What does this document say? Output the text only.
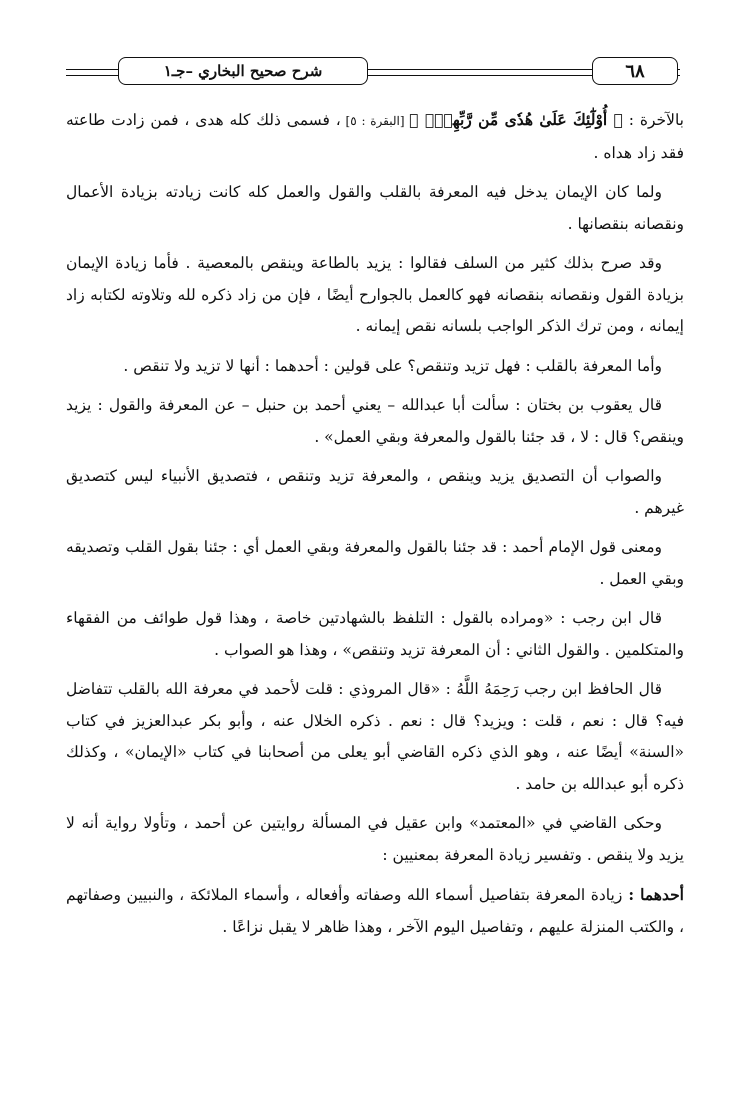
٦٨
شرح صحيح البخاري –جـ١

بالآخرة : ﴿ أُوْلَٰٓئِكَ عَلَىٰ هُدٗى مِّن رَّبِّهِمۡۖ ﴾ [البقرة : ٥] ، فسمى ذلك كله هدى ، فمن زادت طاعته فقد زاد هداه .

ولما كان الإيمان يدخل فيه المعرفة بالقلب والقول والعمل كله كانت زيادته بزيادة الأعمال ونقصانه بنقصانها .

وقد صرح بذلك كثير من السلف فقالوا : يزيد بالطاعة وينقص بالمعصية . فأما زيادة الإيمان بزيادة القول ونقصانه بنقصانه فهو كالعمل بالجوارح أيضًا ، فإن من زاد ذكره لله وتلاوته لكتابه زاد إيمانه ، ومن ترك الذكر الواجب بلسانه نقص إيمانه .

وأما المعرفة بالقلب : فهل تزيد وتنقص؟ على قولين : أحدهما : أنها لا تزيد ولا تنقص .

قال يعقوب بن بختان : سألت أبا عبدالله – يعني أحمد بن حنبل – عن المعرفة والقول : يزيد وينقص؟ قال : لا ، قد جئنا بالقول والمعرفة وبقي العمل» .

والصواب أن التصديق يزيد وينقص ، والمعرفة تزيد وتنقص ، فتصديق الأنبياء ليس كتصديق غيرهم .

ومعنى قول الإمام أحمد : قد جئنا بالقول والمعرفة وبقي العمل أي : جئنا بقول القلب وتصديقه وبقي العمل .

قال ابن رجب : «ومراده بالقول : التلفظ بالشهادتين خاصة ، وهذا قول طوائف من الفقهاء والمتكلمين . والقول الثاني : أن المعرفة تزيد وتنقص» ، وهذا هو الصواب .

قال الحافظ ابن رجب رَحِمَهُ اللَّهُ : «قال المروذي : قلت لأحمد في معرفة الله بالقلب تتفاضل فيه؟ قال : نعم ، قلت : ويزيد؟ قال : نعم . ذكره الخلال عنه ، وأبو بكر عبدالعزيز في كتاب «السنة» أيضًا عنه ، وهو الذي ذكره القاضي أبو يعلى من أصحابنا في كتاب «الإيمان» ، وكذلك ذكره أبو عبدالله بن حامد .

وحكى القاضي في «المعتمد» وابن عقيل في المسألة روايتين عن أحمد ، وتأولا رواية أنه لا يزيد ولا ينقص . وتفسير زيادة المعرفة بمعنيين :

أحدهما : زيادة المعرفة بتفاصيل أسماء الله وصفاته وأفعاله ، وأسماء الملائكة ، والنبيين وصفاتهم ، والكتب المنزلة عليهم ، وتفاصيل اليوم الآخر ، وهذا ظاهر لا يقبل نزاعًا .
